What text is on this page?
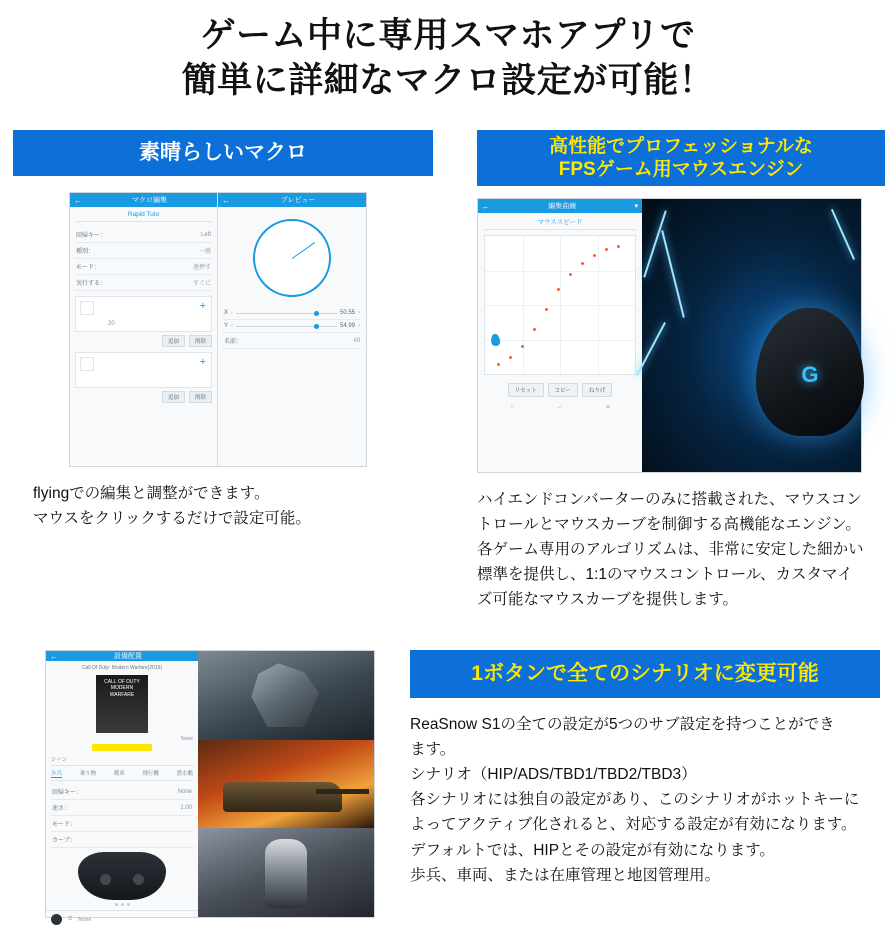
ゲーム中に専用スマホアプリで
簡単に詳細なマクロ設定が可能！
素晴らしいマクロ
←	マクロ編集
Rapid Tuto
回帰キー：	Left
種別：	一般
モード：	連押す
実行する：	すぐに
+
20
追加	削除
+
追加	削除
←	プレビュー
X ‹	50.55 ›
Y ‹	54.99 ›
名前：	#0

flyingでの編集と調整ができます。

マウスをクリックするだけで設定可能。

高性能でプロフェッショナルな
FPSゲーム用マウスエンジン
←	編集曲線	▾
マウススピード
リセット	コピー	ねりげ
＋	ー	＊
G

ハイエンドコンバーターのみに搭載された、マウスコン

トロールとマウスカーブを制御する高機能なエンジン。

各ゲーム専用のアルゴリズムは、非常に安定した細かい

標準を提供し、1:1のマウスコントロール、カスタマイ

ズ可能なマウスカーブを提供します。

←	設備配置
Call Of Duty: Modern Warfare(2019)
CALL OF DUTY
MODERN
WARFARE
None
シーン
歩兵	乗り物	戦車	飛行機	潜水艦
回帰キー：	None
速さ：	1.00
モード：
カーブ：
⏱ None
1ボタンで全てのシナリオに変更可能

ReaSnow S1の全ての設定が5つのサブ設定を持つことができ

ます。

シナリオ（HIP/ADS/TBD1/TBD2/TBD3）

各シナリオには独自の設定があり、このシナリオがホットキーに

よってアクティブ化されると、対応する設定が有効になります。

デフォルトでは、HIPとその設定が有効になります。

歩兵、車両、または在庫管理と地図管理用。
